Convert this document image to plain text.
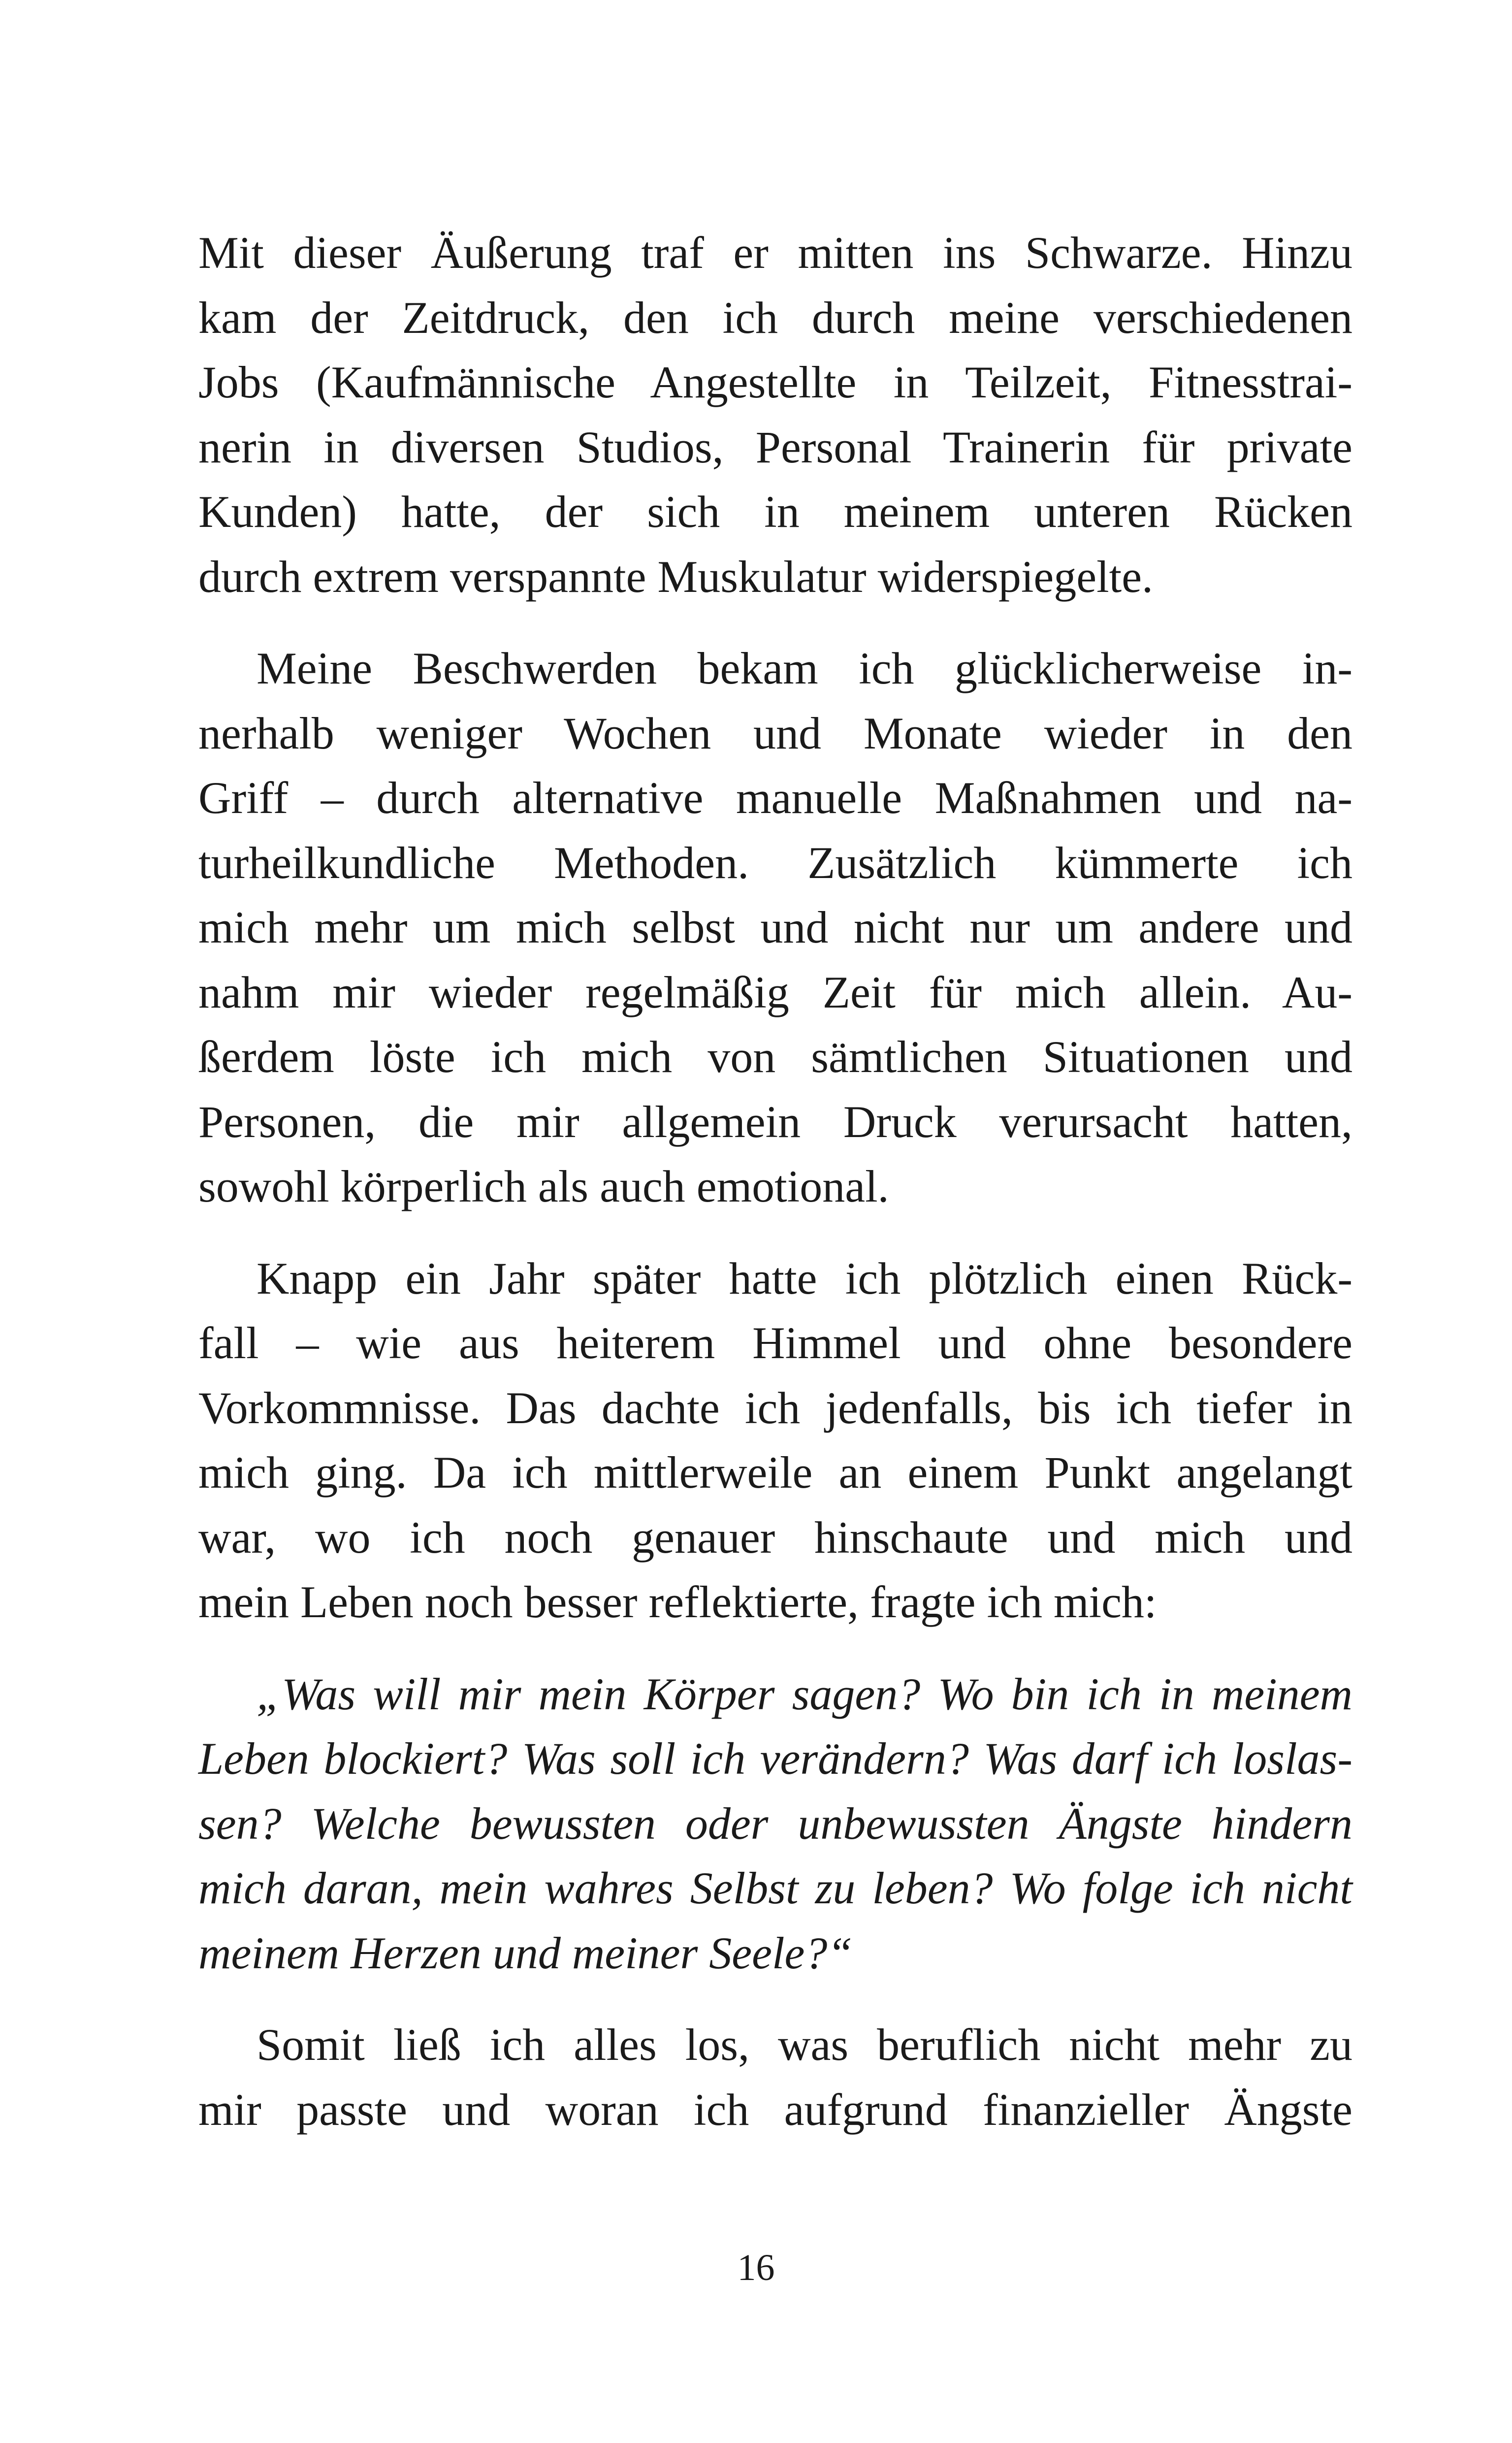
Mit dieser Äußerung traf er mitten ins Schwarze. Hinzu
kam der Zeitdruck, den ich durch meine verschiedenen
Jobs (Kaufmännische Angestellte in Teilzeit, Fitnesstrai-
nerin in diversen Studios, Personal Trainerin für private
Kunden) hatte, der sich in meinem unteren Rücken
durch extrem verspannte Muskulatur widerspiegelte.
Meine Beschwerden bekam ich glücklicherweise in-
nerhalb weniger Wochen und Monate wieder in den
Griff – durch alternative manuelle Maßnahmen und na-
turheilkundliche Methoden. Zusätzlich kümmerte ich
mich mehr um mich selbst und nicht nur um andere und
nahm mir wieder regelmäßig Zeit für mich allein. Au-
ßerdem löste ich mich von sämtlichen Situationen und
Personen, die mir allgemein Druck verursacht hatten,
sowohl körperlich als auch emotional.
Knapp ein Jahr später hatte ich plötzlich einen Rück-
fall – wie aus heiterem Himmel und ohne besondere
Vorkommnisse. Das dachte ich jedenfalls, bis ich tiefer in
mich ging. Da ich mittlerweile an einem Punkt angelangt
war, wo ich noch genauer hinschaute und mich und
mein Leben noch besser reflektierte, fragte ich mich:
„Was will mir mein Körper sagen? Wo bin ich in meinem
Leben blockiert? Was soll ich verändern? Was darf ich loslas-
sen? Welche bewussten oder unbewussten Ängste hindern
mich daran, mein wahres Selbst zu leben? Wo folge ich nicht
meinem Herzen und meiner Seele?“
Somit ließ ich alles los, was beruflich nicht mehr zu
mir passte und woran ich aufgrund finanzieller Ängste
16
